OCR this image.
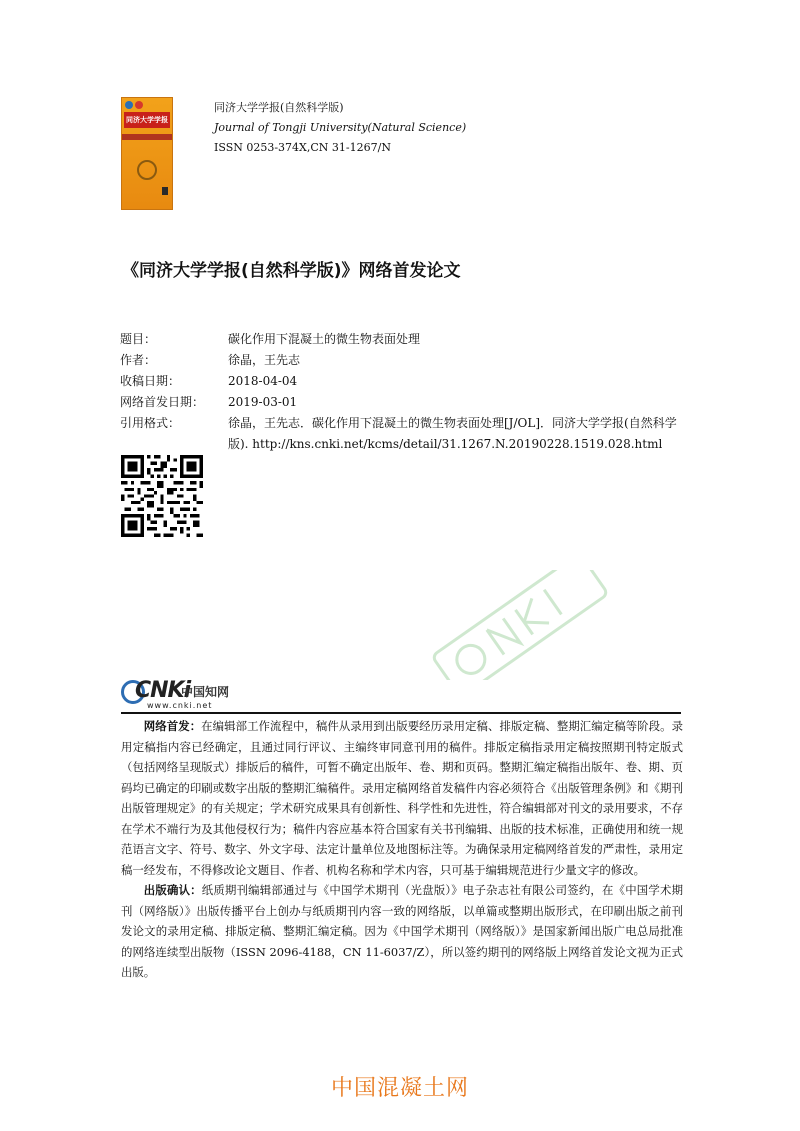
同济大学学报
同济大学学报(自然科学版)
Journal of Tongji University(Natural Science)
ISSN 0253-374X,CN 31-1267/N
《同济大学学报(自然科学版)》网络首发论文
题目：	碳化作用下混凝土的微生物表面处理
作者：	徐晶，王先志
收稿日期：	2018-04-04
网络首发日期：	2019-03-01
引用格式：	徐晶，王先志．碳化作用下混凝土的微生物表面处理[J/OL]．同济大学学报(自然科学版). http://kns.cnki.net/kcms/detail/31.1267.N.20190228.1519.028.html
CNKi
中国知网
www.cnki.net

网络首发：在编辑部工作流程中，稿件从录用到出版要经历录用定稿、排版定稿、整期汇编定稿等阶段。录用定稿指内容已经确定，且通过同行评议、主编终审同意刊用的稿件。排版定稿指录用定稿按照期刊特定版式（包括网络呈现版式）排版后的稿件，可暂不确定出版年、卷、期和页码。整期汇编定稿指出版年、卷、期、页码均已确定的印刷或数字出版的整期汇编稿件。录用定稿网络首发稿件内容必须符合《出版管理条例》和《期刊出版管理规定》的有关规定；学术研究成果具有创新性、科学性和先进性，符合编辑部对刊文的录用要求，不存在学术不端行为及其他侵权行为；稿件内容应基本符合国家有关书刊编辑、出版的技术标准，正确使用和统一规范语言文字、符号、数字、外文字母、法定计量单位及地图标注等。为确保录用定稿网络首发的严肃性，录用定稿一经发布，不得修改论文题目、作者、机构名称和学术内容，只可基于编辑规范进行少量文字的修改。

出版确认：纸质期刊编辑部通过与《中国学术期刊（光盘版）》电子杂志社有限公司签约，在《中国学术期刊（网络版）》出版传播平台上创办与纸质期刊内容一致的网络版，以单篇或整期出版形式，在印刷出版之前刊发论文的录用定稿、排版定稿、整期汇编定稿。因为《中国学术期刊（网络版）》是国家新闻出版广电总局批准的网络连续型出版物（ISSN 2096-4188，CN 11-6037/Z），所以签约期刊的网络版上网络首发论文视为正式出版。

中国混凝土网
